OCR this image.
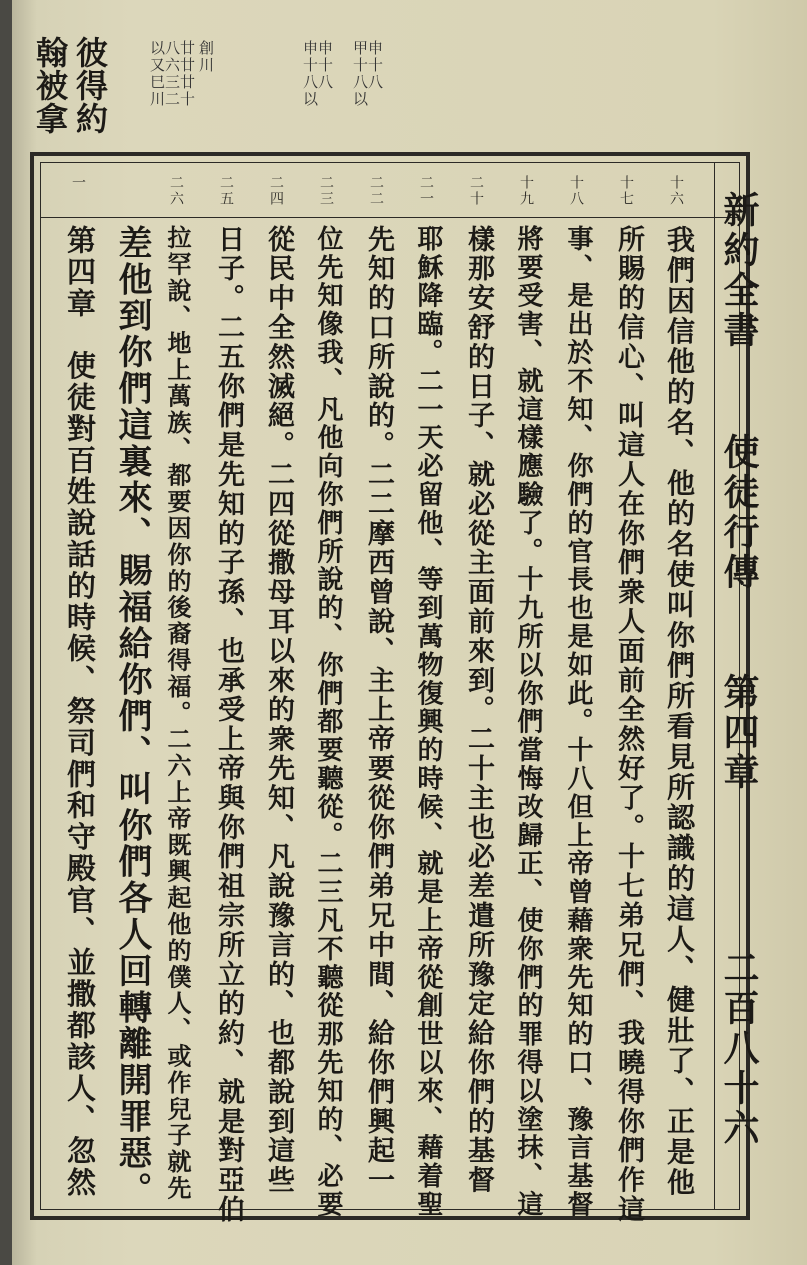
翰被拿 彼得約	廿廿廿十
八六三二
以又巳川	創川	申十八
申十八以	申十八
甲十八以
新約全書
使徒行傳
第四章
二百八十六
十六
十七
十八
十九
二十
二一
二二
二三
二四
二五
二六
一
我們因信他的名、他的名使叫你們所看見所認識的這人、健壯了、正是他
所賜的信心、叫這人在你們衆人面前全然好了。十七弟兄們、我曉得你們作這
事、是出於不知、你們的官長也是如此。十八但上帝曾藉衆先知的口、豫言基督
將要受害、就這樣應驗了。十九所以你們當悔改歸正、使你們的罪得以塗抹、這
樣那安舒的日子、就必從主面前來到。二十主也必差遣所豫定給你們的基督
耶穌降臨。二一天必留他、等到萬物復興的時候、就是上帝從創世以來、藉着聖
先知的口所說的。二二摩西曾說、主上帝要從你們弟兄中間、給你們興起一
位先知像我、凡他向你們所說的、你們都要聽從。二三凡不聽從那先知的、必要
從民中全然滅絕。二四從撒母耳以來的衆先知、凡說豫言的、也都說到這些
日子。二五你們是先知的子孫、也承受上帝與你們祖宗所立的約、就是對亞伯
拉罕說、地上萬族、都要因你的後裔得福。二六上帝既興起他的僕人、或作兒子就先
差他到你們這裏來、賜福給你們、叫你們各人回轉離開罪惡。
第四章　使徒對百姓說話的時候、祭司們和守殿官、並撒都該人、忽然
